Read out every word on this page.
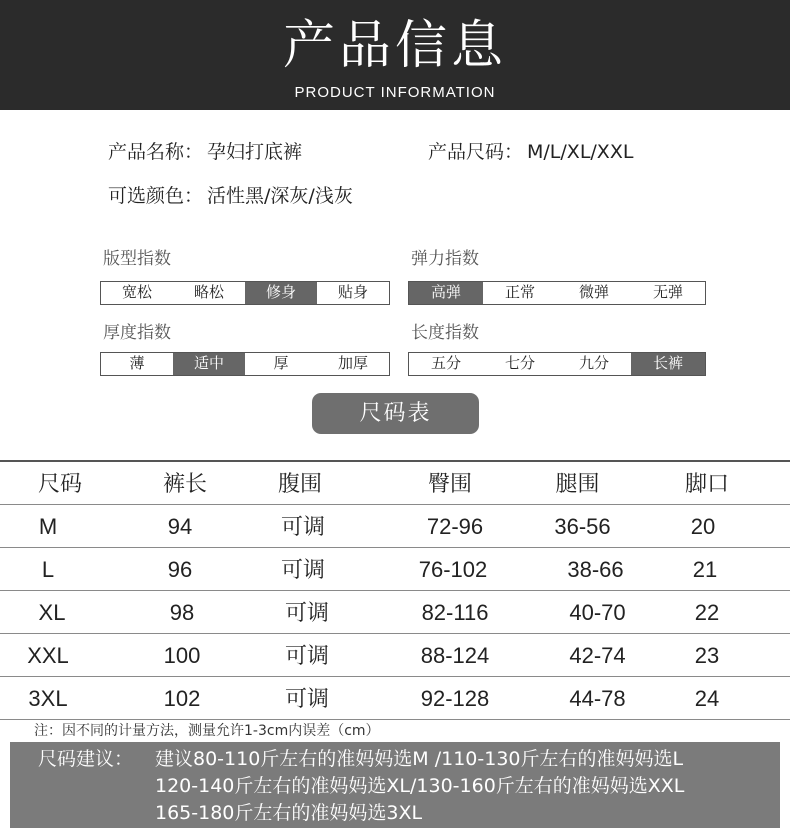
产品信息
PRODUCT INFORMATION
产品名称： 孕妇打底裤	产品尺码： M/L/XL/XXL
可选颜色： 活性黑/深灰/浅灰
版型指数
宽松	略松	修身	贴身
弹力指数
高弹	正常	微弹	无弹
厚度指数
薄	适中	厚	加厚
长度指数
五分	七分	九分	长裤
尺码表
尺码	裤长	腹围	臀围	腿围	脚口
M	94	可调	72-96	36-56	20
L	96	可调	76-102	38-66	21
XL	98	可调	82-116	40-70	22
XXL	100	可调	88-124	42-74	23
3XL	102	可调	92-128	44-78	24
注：因不同的计量方法，测量允许1-3cm内误差（cm）
尺码建议： 建议80-110斤左右的准妈妈选M /110-130斤左右的准妈妈选L
120-140斤左右的准妈妈选XL/130-160斤左右的准妈妈选XXL
165-180斤左右的准妈妈选3XL
